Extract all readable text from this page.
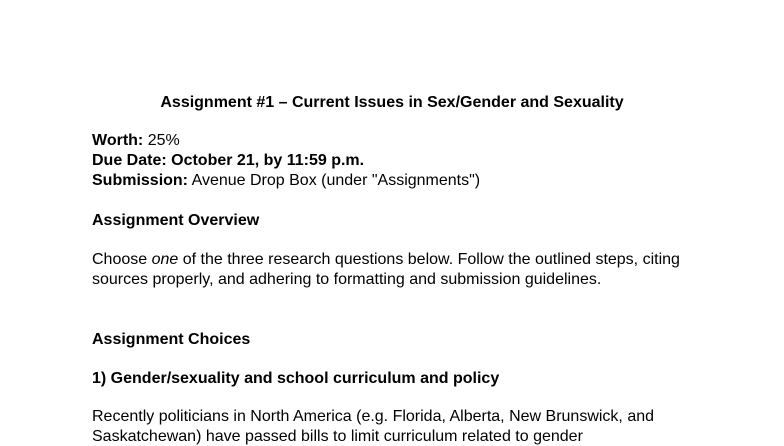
Assignment #1 – Current Issues in Sex/Gender and Sexuality
Worth: 25%
Due Date: October 21, by 11:59 p.m.
Submission: Avenue Drop Box (under "Assignments")
Assignment Overview
Choose one of the three research questions below. Follow the outlined steps, citing sources properly, and adhering to formatting and submission guidelines.
Assignment Choices
1) Gender/sexuality and school curriculum and policy
Recently politicians in North America (e.g. Florida, Alberta, New Brunswick, and Saskatchewan) have passed bills to limit curriculum related to gender
